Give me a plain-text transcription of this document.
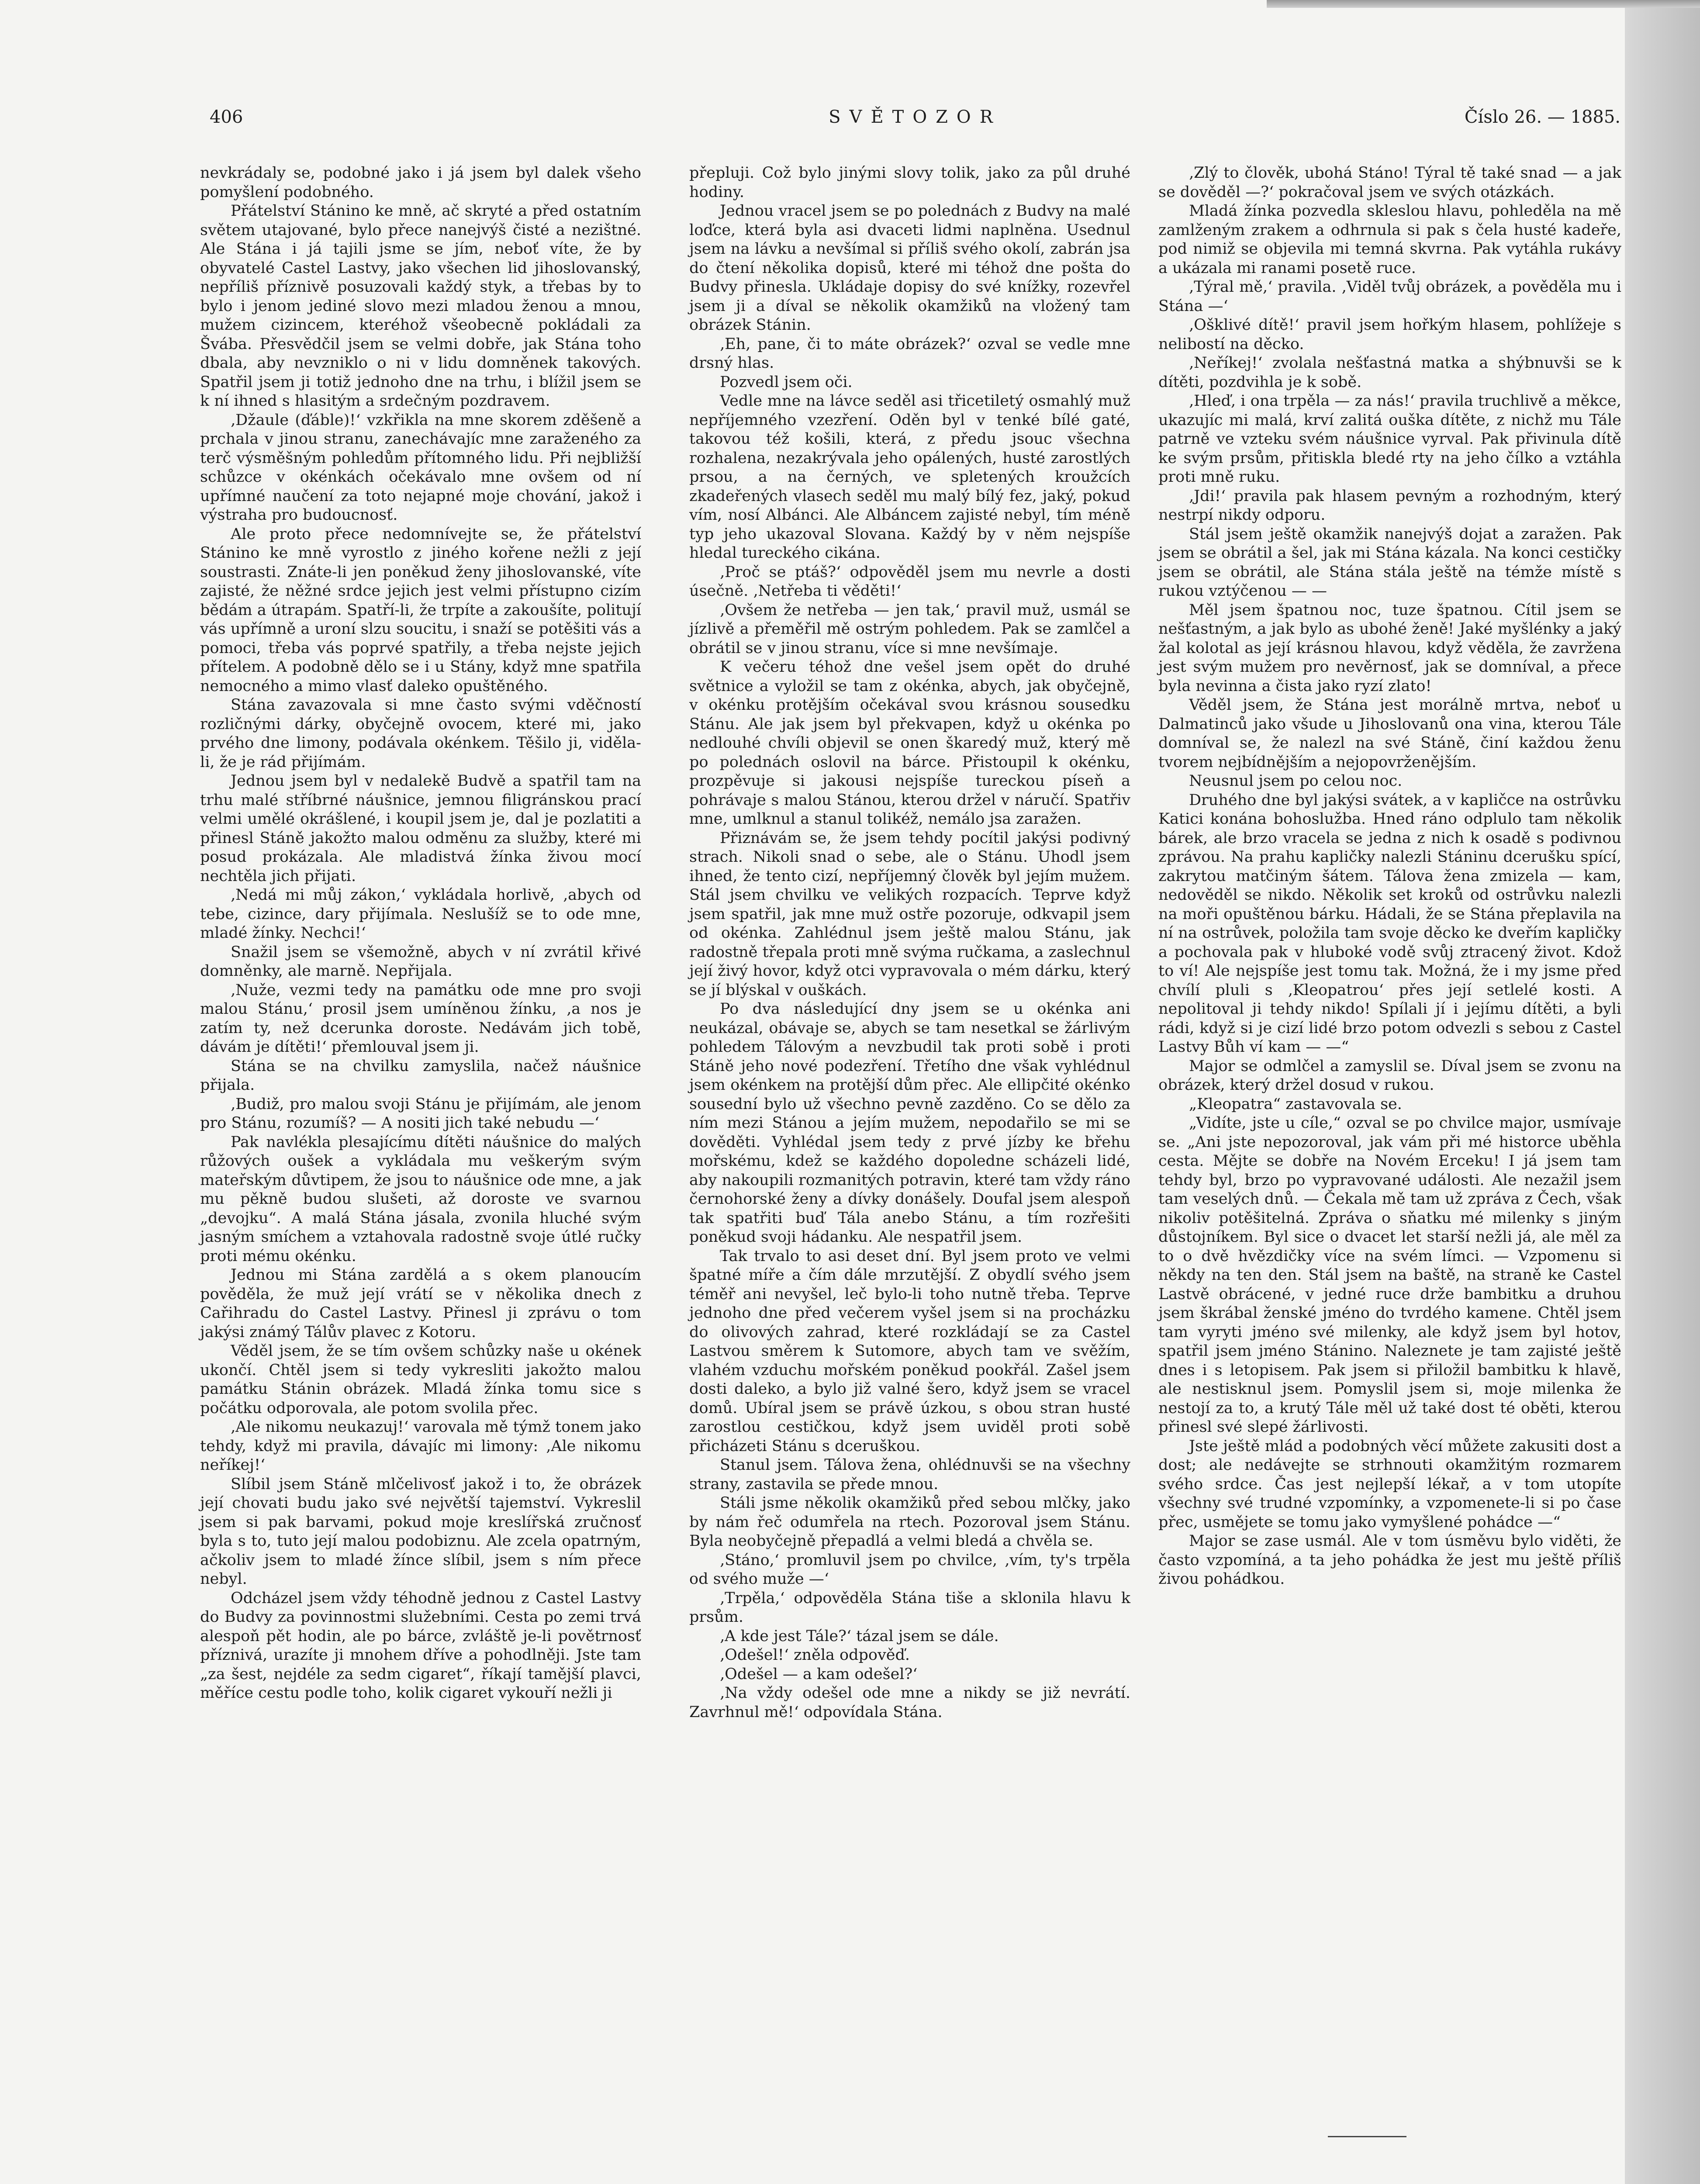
406	SVĚTOZOR	Číslo 26. — 1885.

nevkrádaly se, podobné jako i já jsem byl dalek všeho pomyšlení podobného.

Přátelství Stánino ke mně, ač skryté a před ostatním světem utajované, bylo přece nanejvýš čisté a nezištné. Ale Stána i já tajili jsme se jím, neboť víte, že by obyvatelé Castel Lastvy, jako všechen lid jihoslovanský, nepříliš příznivě posuzovali každý styk, a třebas by to bylo i jenom jediné slovo mezi mladou ženou a mnou, mužem cizincem, kteréhož všeobecně pokládali za Švába. Přesvědčil jsem se velmi dobře, jak Stána toho dbala, aby nevzniklo o ni v lidu domněnek takových. Spatřil jsem ji totiž jednoho dne na trhu, i blížil jsem se k ní ihned s hlasitým a srdečným pozdravem.

‚Džaule (ďáble)!‘ vzkřikla na mne skorem zděšeně a prchala v jinou stranu, zanechávajíc mne zaraženého za terč výsměšným pohledům přítomného lidu. Při nejbližší schůzce v okénkách očekávalo mne ovšem od ní upřímné naučení za toto nejapné moje chování, jakož i výstraha pro budoucnosť.

Ale proto přece nedomnívejte se, že přátelství Stánino ke mně vyrostlo z jiného kořene nežli z její soustrasti. Znáte-li jen poněkud ženy jihoslovanské, víte zajisté, že něžné srdce jejich jest velmi přístupno cizím bědám a útrapám. Spatří-li, že trpíte a zakoušíte, politují vás upřímně a uroní slzu soucitu, i snaží se potěšiti vás a pomoci, třeba vás poprvé spatřily, a třeba nejste jejich přítelem. A podobně dělo se i u Stány, když mne spatřila nemocného a mimo vlasť daleko opuštěného.

Stána zavazovala si mne často svými vděčností rozličnými dárky, obyčejně ovocem, které mi, jako prvého dne limony, podávala okénkem. Těšilo ji, viděla-li, že je rád přijímám.

Jednou jsem byl v nedalekě Budvě a spatřil tam na trhu malé stříbrné náušnice, jemnou filigránskou prací velmi umělé okrášlené, i koupil jsem je, dal je pozlatiti a přinesl Stáně jakožto malou odměnu za služby, které mi posud prokázala. Ale mladistvá žínka živou mocí nechtěla jich přijati.

‚Nedá mi můj zákon,‘ vykládala horlivě, ‚abych od tebe, cizince, dary přijímala. Neslušíž se to ode mne, mladé žínky. Nechci!‘

Snažil jsem se všemožně, abych v ní zvrátil křivé domněnky, ale marně. Nepřijala.

‚Nuže, vezmi tedy na památku ode mne pro svoji malou Stánu,‘ prosil jsem umíněnou žínku, ‚a nos je zatím ty, než dcerunka doroste. Nedávám jich tobě, dávám je dítěti!‘ přemlouval jsem ji.

Stána se na chvilku zamyslila, načež náušnice přijala.

‚Budiž, pro malou svoji Stánu je přijímám, ale jenom pro Stánu, rozumíš? — A nositi jich také nebudu —‘

Pak navlékla plesajícímu dítěti náušnice do malých růžových oušek a vykládala mu veškerým svým mateřským důvtipem, že jsou to náušnice ode mne, a jak mu pěkně budou slušeti, až doroste ve svarnou „devojku“. A malá Stána jásala, zvonila hluché svým jasným smíchem a vztahovala radostně svoje útlé ručky proti mému okénku.

Jednou mi Stána zardělá a s okem planoucím pověděla, že muž její vrátí se v několika dnech z Cařihradu do Castel Lastvy. Přinesl ji zprávu o tom jakýsi známý Tálův plavec z Kotoru.

Věděl jsem, že se tím ovšem schůzky naše u okének ukončí. Chtěl jsem si tedy vykresliti jakožto malou památku Stánin obrázek. Mladá žínka tomu sice s počátku odporovala, ale potom svolila přec.

‚Ale nikomu neukazuj!‘ varovala mě týmž tonem jako tehdy, když mi pravila, dávajíc mi limony: ‚Ale nikomu neříkej!‘

Slíbil jsem Stáně mlčelivosť jakož i to, že obrázek její chovati budu jako své největší tajemství. Vykreslil jsem si pak barvami, pokud moje kreslířská zručnosť byla s to, tuto její malou podobiznu. Ale zcela opatrným, ačkoliv jsem to mladé žínce slíbil, jsem s ním přece nebyl.

Odcházel jsem vždy téhodně jednou z Castel Lastvy do Budvy za povinnostmi služebními. Cesta po zemi trvá alespoň pět hodin, ale po bárce, zvláště je-li povětrnosť příznivá, urazíte ji mnohem dříve a pohodlněji. Jste tam „za šest, nejdéle za sedm cigaret“, říkají tamější plavci, měříce cestu podle toho, kolik cigaret vykouří nežli ji

přepluji. Což bylo jinými slovy tolik, jako za půl druhé hodiny.

Jednou vracel jsem se po polednách z Budvy na malé loďce, která byla asi dvaceti lidmi naplněna. Usednul jsem na lávku a nevšímal si příliš svého okolí, zabrán jsa do čtení několika dopisů, které mi téhož dne pošta do Budvy přinesla. Ukládaje dopisy do své knížky, rozevřel jsem ji a díval se několik okamžiků na vložený tam obrázek Stánin.

‚Eh, pane, či to máte obrázek?‘ ozval se vedle mne drsný hlas.

Pozvedl jsem oči.

Vedle mne na lávce seděl asi třicetiletý osmahlý muž nepříjemného vzezření. Oděn byl v tenké bílé gaté, takovou též košili, která, z předu jsouc všechna rozhalena, nezakrývala jeho opálených, husté zarostlých prsou, a na černých, ve spletených kroužcích zkadeřených vlasech seděl mu malý bílý fez, jaký, pokud vím, nosí Albánci. Ale Albáncem zajisté nebyl, tím méně typ jeho ukazoval Slovana. Každý by v něm nejspíše hledal tureckého cikána.

‚Proč se ptáš?‘ odpověděl jsem mu nevrle a dosti úsečně. ‚Netřeba ti věděti!‘

‚Ovšem že netřeba — jen tak,‘ pravil muž, usmál se jízlivě a přeměřil mě ostrým pohledem. Pak se zamlčel a obrátil se v jinou stranu, více si mne nevšímaje.

K večeru téhož dne vešel jsem opět do druhé světnice a vyložil se tam z okénka, abych, jak obyčejně, v okénku protějším očekával svou krásnou sousedku Stánu. Ale jak jsem byl překvapen, když u okénka po nedlouhé chvíli objevil se onen škaredý muž, který mě po polednách oslovil na bárce. Přistoupil k okénku, prozpěvuje si jakousi nejspíše tureckou píseň a pohrávaje s malou Stánou, kterou držel v náručí. Spatřiv mne, umlknul a stanul tolikéž, nemálo jsa zaražen.

Přiznávám se, že jsem tehdy pocítil jakýsi podivný strach. Nikoli snad o sebe, ale o Stánu. Uhodl jsem ihned, že tento cizí, nepříjemný člověk byl jejím mužem. Stál jsem chvilku ve velikých rozpacích. Teprve když jsem spatřil, jak mne muž ostře pozoruje, odkvapil jsem od okénka. Zahlédnul jsem ještě malou Stánu, jak radostně třepala proti mně svýma ručkama, a zaslechnul její živý hovor, když otci vypravovala o mém dárku, který se jí blýskal v ouškách.

Po dva následující dny jsem se u okénka ani neukázal, obávaje se, abych se tam nesetkal se žárlivým pohledem Tálovým a nevzbudil tak proti sobě i proti Stáně jeho nové podezření. Třetího dne však vyhlédnul jsem okénkem na protější dům přec. Ale ellipčité okénko sousední bylo už všechno pevně zazděno. Co se dělo za ním mezi Stánou a jejím mužem, nepodařilo se mi se dověděti. Vyhlédal jsem tedy z prvé jízby ke břehu mořskému, kdež se každého dopoledne scházeli lidé, aby nakoupili rozmanitých potravin, které tam vždy ráno černohorské ženy a dívky donášely. Doufal jsem alespoň tak spatřiti buď Tála anebo Stánu, a tím rozřešiti poněkud svoji hádanku. Ale nespatřil jsem.

Tak trvalo to asi deset dní. Byl jsem proto ve velmi špatné míře a čím dále mrzutější. Z obydlí svého jsem téměř ani nevyšel, leč bylo-li toho nutně třeba. Teprve jednoho dne před večerem vyšel jsem si na procházku do olivových zahrad, které rozkládají se za Castel Lastvou směrem k Sutomore, abych tam ve svěžím, vlahém vzduchu mořském poněkud pookřál. Zašel jsem dosti daleko, a bylo již valné šero, když jsem se vracel domů. Ubíral jsem se právě úzkou, s obou stran husté zarostlou cestičkou, když jsem uviděl proti sobě přicházeti Stánu s dceruškou.

Stanul jsem. Tálova žena, ohlédnuvši se na všechny strany, zastavila se přede mnou.

Stáli jsme několik okamžiků před sebou mlčky, jako by nám řeč odumřela na rtech. Pozoroval jsem Stánu. Byla neobyčejně přepadlá a velmi bledá a chvěla se.

‚Stáno,‘ promluvil jsem po chvilce, ‚vím, ty's trpěla od svého muže —‘

‚Trpěla,‘ odpověděla Stána tiše a sklonila hlavu k prsům.

‚A kde jest Tále?‘ tázal jsem se dále.

‚Odešel!‘ zněla odpověď.

‚Odešel — a kam odešel?‘

‚Na vždy odešel ode mne a nikdy se již nevrátí. Zavrhnul mě!‘ odpovídala Stána.

‚Zlý to člověk, ubohá Stáno! Týral tě také snad — a jak se dověděl —?‘ pokračoval jsem ve svých otázkách.

Mladá žínka pozvedla skleslou hlavu, pohleděla na mě zamlženým zrakem a odhrnula si pak s čela husté kadeře, pod nimiž se objevila mi temná skvrna. Pak vytáhla rukávy a ukázala mi ranami posetě ruce.

‚Týral mě,‘ pravila. ‚Viděl tvůj obrázek, a pověděla mu i Stána —‘

‚Ošklivé dítě!‘ pravil jsem hořkým hlasem, pohlížeje s nelibostí na děcko.

‚Neříkej!‘ zvolala nešťastná matka a shýbnuvši se k dítěti, pozdvihla je k sobě.

‚Hleď, i ona trpěla — za nás!‘ pravila truchlivě a měkce, ukazujíc mi malá, krví zalitá ouška dítěte, z nichž mu Tále patrně ve vzteku svém náušnice vyrval. Pak přivinula dítě ke svým prsům, přitiskla bledé rty na jeho čílko a vztáhla proti mně ruku.

‚Jdi!‘ pravila pak hlasem pevným a rozhodným, který nestrpí nikdy odporu.

Stál jsem ještě okamžik nanejvýš dojat a zaražen. Pak jsem se obrátil a šel, jak mi Stána kázala. Na konci cestičky jsem se obrátil, ale Stána stála ještě na témže místě s rukou vztýčenou — —

Měl jsem špatnou noc, tuze špatnou. Cítil jsem se nešťastným, a jak bylo as ubohé ženě! Jaké myšlénky a jaký žal kolotal as její krásnou hlavou, když věděla, že zavržena jest svým mužem pro nevěrnosť, jak se domníval, a přece byla nevinna a čista jako ryzí zlato!

Věděl jsem, že Stána jest morálně mrtva, neboť u Dalmatinců jako všude u Jihoslovanů ona vina, kterou Tále domníval se, že nalezl na své Stáně, činí každou ženu tvorem nejbídnějším a nejopovrženějším.

Neusnul jsem po celou noc.

Druhého dne byl jakýsi svátek, a v kapličce na ostrůvku Katici konána bohoslužba. Hned ráno odplulo tam několik bárek, ale brzo vracela se jedna z nich k osadě s podivnou zprávou. Na prahu kapličky nalezli Stáninu dcerušku spící, zakrytou matčiným šátem. Tálova žena zmizela — kam, nedověděl se nikdo. Několik set kroků od ostrůvku nalezli na moři opuštěnou bárku. Hádali, že se Stána přeplavila na ní na ostrůvek, položila tam svoje děcko ke dveřím kapličky a pochovala pak v hluboké vodě svůj ztracený život. Kdož to ví! Ale nejspíše jest tomu tak. Možná, že i my jsme před chvílí pluli s ‚Kleopatrou‘ přes její setlelé kosti. A nepolitoval ji tehdy nikdo! Spílali jí i jejímu dítěti, a byli rádi, když si je cizí lidé brzo potom odvezli s sebou z Castel Lastvy Bůh ví kam — —“

Major se odmlčel a zamyslil se. Díval jsem se zvonu na obrázek, který držel dosud v rukou.

„Kleopatra“ zastavovala se.

„Vidíte, jste u cíle,“ ozval se po chvilce major, usmívaje se. „Ani jste nepozoroval, jak vám při mé historce uběhla cesta. Mějte se dobře na Novém Erceku! I já jsem tam tehdy byl, brzo po vypravované události. Ale nezažil jsem tam veselých dnů. — Čekala mě tam už zpráva z Čech, však nikoliv potěšitelná. Zpráva o sňatku mé milenky s jiným důstojníkem. Byl sice o dvacet let starší nežli já, ale měl za to o dvě hvězdičky více na svém límci. — Vzpomenu si někdy na ten den. Stál jsem na baště, na straně ke Castel Lastvě obrácené, v jedné ruce drže bambitku a druhou jsem škrábal ženské jméno do tvrdého kamene. Chtěl jsem tam vyryti jméno své milenky, ale když jsem byl hotov, spatřil jsem jméno Stánino. Naleznete je tam zajisté ještě dnes i s letopisem. Pak jsem si přiložil bambitku k hlavě, ale nestisknul jsem. Pomyslil jsem si, moje milenka že nestojí za to, a krutý Tále měl už také dost té oběti, kterou přinesl své slepé žárlivosti.

Jste ještě mlád a podobných věcí můžete zakusiti dost a dost; ale nedávejte se strhnouti okamžitým rozmarem svého srdce. Čas jest nejlepší lékař, a v tom utopíte všechny své trudné vzpomínky, a vzpomenete-li si po čase přec, usmějete se tomu jako vymyšlené pohádce —“

Major se zase usmál. Ale v tom úsměvu bylo viděti, že často vzpomíná, a ta jeho pohádka že jest mu ještě příliš živou pohádkou.
